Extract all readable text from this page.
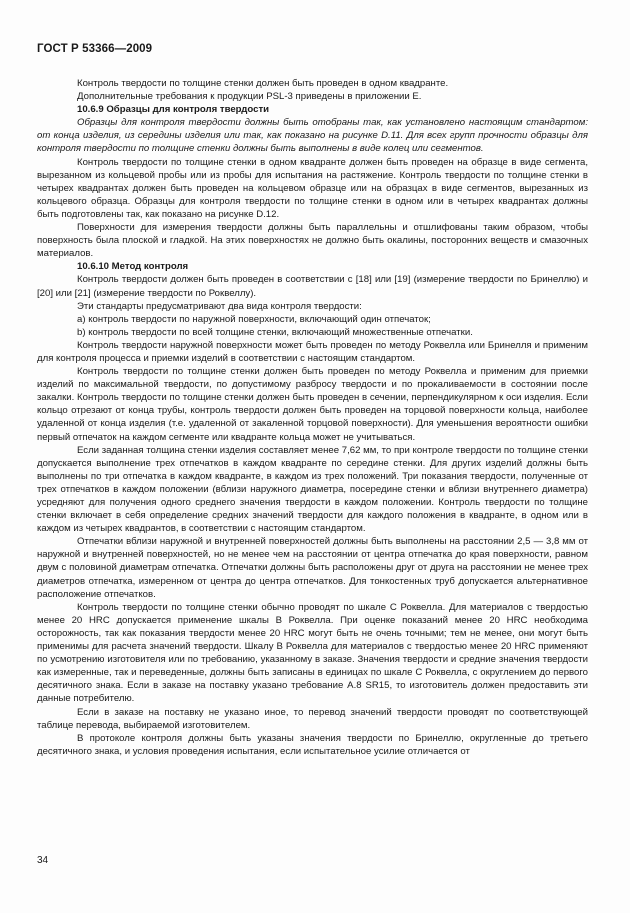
ГОСТ Р 53366—2009

Контроль твердости по толщине стенки должен быть проведен в одном квадранте.

Дополнительные требования к продукции PSL-3 приведены в приложении Е.

10.6.9 Образцы для контроля твердости

Образцы для контроля твердости должны быть отобраны так, как установлено настоящим стандартом: от конца изделия, из середины изделия или так, как показано на рисунке D.11. Для всех групп прочности образцы для контроля твердости по толщине стенки должны быть выполнены в виде колец или сегментов.

Контроль твердости по толщине стенки в одном квадранте должен быть проведен на образце в виде сегмента, вырезанном из кольцевой пробы или из пробы для испытания на растяжение. Контроль твердости по толщине стенки в четырех квадрантах должен быть проведен на кольцевом образце или на образцах в виде сегментов, вырезанных из кольцевого образца. Образцы для контроля твердости по толщине стенки в одном или в четырех квадрантах должны быть подготовлены так, как показано на рисунке D.12.

Поверхности для измерения твердости должны быть параллельны и отшлифованы таким образом, чтобы поверхность была плоской и гладкой. На этих поверхностях не должно быть окалины, посторонних веществ и смазочных материалов.

10.6.10 Метод контроля

Контроль твердости должен быть проведен в соответствии с [18] или [19] (измерение твердости по Бринеллю) и [20] или [21] (измерение твердости по Роквеллу).

Эти стандарты предусматривают два вида контроля твердости:

a) контроль твердости по наружной поверхности, включающий один отпечаток;

b) контроль твердости по всей толщине стенки, включающий множественные отпечатки.

Контроль твердости наружной поверхности может быть проведен по методу Роквелла или Бринелля и применим для контроля процесса и приемки изделий в соответствии с настоящим стандартом.

Контроль твердости по толщине стенки должен быть проведен по методу Роквелла и применим для приемки изделий по максимальной твердости, по допустимому разбросу твердости и по прокаливаемости в состоянии после закалки. Контроль твердости по толщине стенки должен быть проведен в сечении, перпендикулярном к оси изделия. Если кольцо отрезают от конца трубы, контроль твердости должен быть проведен на торцовой поверхности кольца, наиболее удаленной от конца изделия (т.е. удаленной от закаленной торцовой поверхности). Для уменьшения вероятности ошибки первый отпечаток на каждом сегменте или квадранте кольца может не учитываться.

Если заданная толщина стенки изделия составляет менее 7,62 мм, то при контроле твердости по толщине стенки допускается выполнение трех отпечатков в каждом квадранте по середине стенки. Для других изделий должны быть выполнены по три отпечатка в каждом квадранте, в каждом из трех положений. Три показания твердости, полученные от трех отпечатков в каждом положении (вблизи наружного диаметра, посередине стенки и вблизи внутреннего диаметра) усредняют для получения одного среднего значения твердости в каждом положении. Контроль твердости по толщине стенки включает в себя определение средних значений твердости для каждого положения в квадранте, в одном или в каждом из четырех квадрантов, в соответствии с настоящим стандартом.

Отпечатки вблизи наружной и внутренней поверхностей должны быть выполнены на расстоянии 2,5 — 3,8 мм от наружной и внутренней поверхностей, но не менее чем на расстоянии от центра отпечатка до края поверхности, равном двум с половиной диаметрам отпечатка. Отпечатки должны быть расположены друг от друга на расстоянии не менее трех диаметров отпечатка, измеренном от центра до центра отпечатков. Для тонкостенных труб допускается альтернативное расположение отпечатков.

Контроль твердости по толщине стенки обычно проводят по шкале С Роквелла. Для материалов с твердостью менее 20 HRC допускается применение шкалы В Роквелла. При оценке показаний менее 20 HRC необходима осторожность, так как показания твердости менее 20 HRC могут быть не очень точными; тем не менее, они могут быть применимы для расчета значений твердости. Шкалу В Роквелла для материалов с твердостью менее 20 HRC применяют по усмотрению изготовителя или по требованию, указанному в заказе. Значения твердости и средние значения твердости как измеренные, так и переведенные, должны быть записаны в единицах по шкале С Роквелла, с округлением до первого десятичного знака. Если в заказе на поставку указано требование А.8 SR15, то изготовитель должен предоставить эти данные потребителю.

Если в заказе на поставку не указано иное, то перевод значений твердости проводят по соответствующей таблице перевода, выбираемой изготовителем.

В протоколе контроля должны быть указаны значения твердости по Бринеллю, округленные до третьего десятичного знака, и условия проведения испытания, если испытательное усилие отличается от

34
